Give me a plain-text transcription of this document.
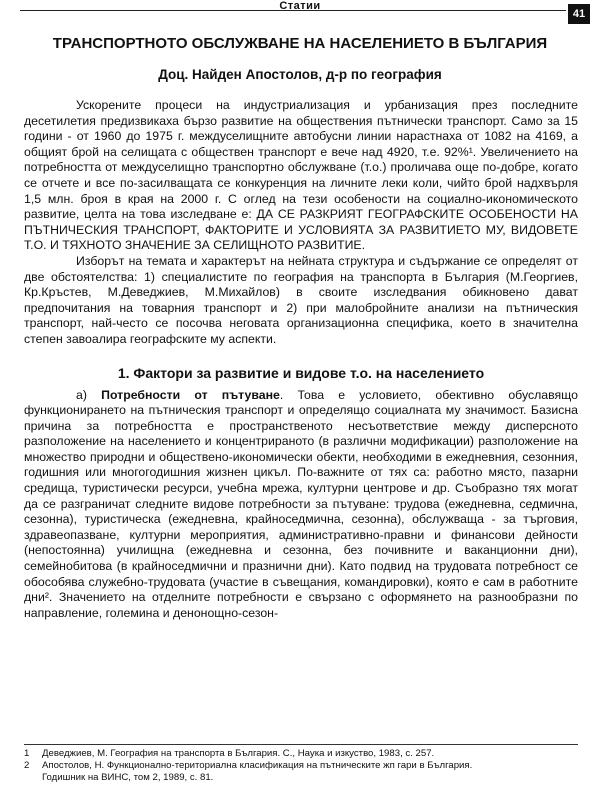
Статии
41
ТРАНСПОРТНОТО ОБСЛУЖВАНЕ НА НАСЕЛЕНИЕТО В БЪЛГАРИЯ
Доц. Найден Апостолов, д-р по география

Ускорените процеси на индустриализация и урбанизация през последните десетилетия предизвикаха бързо развитие на обществения пътнически транспорт. Само за 15 години - от 1960 до 1975 г. междуселищните автобусни линии нарастнаха от 1082 на 4169, а общият брой на селищата с обществен транспорт е вече над 4920, т.е. 92%¹. Увеличението на потребността от междуселищно транспортно обслужване (т.о.) проличава още по-добре, когато се отчете и все по-засилващата се конкуренция на личните леки коли, чийто брой надхвърля 1,5 млн. броя в края на 2000 г. С оглед на тези особености на социално-икономическото развитие, целта на това изследване е: ДА СЕ РАЗКРИЯТ ГЕОГРАФСКИТЕ ОСОБЕНОСТИ НА ПЪТНИЧЕСКИЯ ТРАНСПОРТ, ФАКТОРИТЕ И УСЛОВИЯТА ЗА РАЗВИТИЕТО МУ, ВИДОВЕТЕ Т.О. И ТЯХНОТО ЗНАЧЕНИЕ ЗА СЕЛИЩНОТО РАЗВИТИЕ.

Изборът на темата и характерът на нейната структура и съдържание се определят от две обстоятелства: 1) специалистите по география на транспорта в България (М.Георгиев, Кр.Кръстев, М.Деведжиев, М.Михайлов) в своите изследвания обикновено дават предпочитания на товарния транспорт и 2) при малобройните анализи на пътническия транспорт, най-често се посочва неговата организационна специфика, което в значителна степен завоалира географските му аспекти.

1. Фактори за развитие и видове т.о. на населението

а) Потребности от пътуване. Това е условието, обективно обуславящо функционирането на пътническия транспорт и определящо социалната му значимост. Базисна причина за потребността е пространственото несъответствие между дисперсното разположение на населението и концентрираното (в различни модификации) разположение на множество природни и обществено-икономически обекти, необходими в ежедневния, сезонния, годишния или многогодишния жизнен цикъл. По-важните от тях са: работно място, пазарни средища, туристически ресурси, учебна мрежа, културни центрове и др. Съобразно тях могат да се разграничат следните видове потребности за пътуване: трудова (ежедневна, седмична, сезонна), туристическа (ежедневна, крайноседмична, сезонна), обслужваща - за търговия, здравеопазване, културни мероприятия, административно-правни и финансови дейности (непостоянна) училищна (ежедневна и сезонна, без почивните и ваканционни дни), семейнобитова (в крайноседмични и празнични дни). Като подвид на трудовата потребност се обособява служебно-трудовата (участие в съвещания, командировки), която е сам в работните дни². Значението на отделните потребности е свързано с оформянето на разнообразни по направление, големина и денонощно-сезон-

1	Деведжиев, М. География на транспорта в България. С., Наука и изкуство, 1983, с. 257.
2	Апостолов, Н. Функционално-териториална класификация на пътническите жп гари в България.
Годишник на ВИНС, том 2, 1989, с. 81.
